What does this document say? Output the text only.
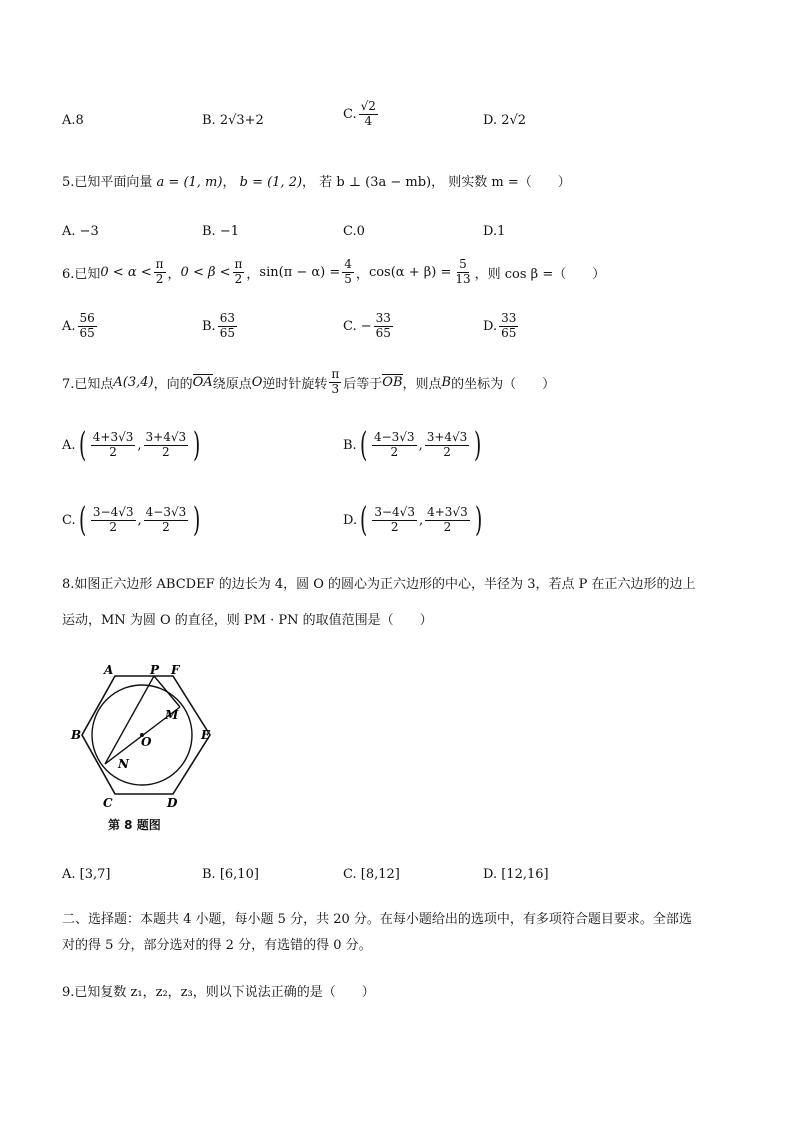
A.8	B. 2√3+2	C. $\frac{√2}{4}$	D. 2√2
5.已知平面向量 a = (1, m)， b = (1, 2)， 若 b ⊥ (3a − mb)， 则实数 m =（　　）
A. −3	B. −1	C.0	D.1
6.已知 $0 < \alpha < \frac{\pi}{2}$ ， $0 < \beta < \frac{\pi}{2}$ ， $\sin(\pi - \alpha) = \frac{4}{5}$ ， $\cos(\alpha + \beta) = \frac{5}{13}$ ， 则 cos β =（　　）
A. $\frac{56}{65}$	B. $\frac{63}{65}$	C. − $\frac{33}{65}$	D. $\frac{33}{65}$
7.已知点 A(3,4) ，向的 OA 绕原点 O 逆时针旋转 $\frac{\pi}{3}$ 后等于 OB ，则点 B 的坐标为（　　）
A. ( $\frac{4+3√3}{2}$ , $\frac{3+4√3}{2}$ )	B. ( $\frac{4-3√3}{2}$ , $\frac{3+4√3}{2}$ )
C. ( $\frac{3-4√3}{2}$ , $\frac{4-3√3}{2}$ )	D. ( $\frac{3-4√3}{2}$ , $\frac{4+3√3}{2}$ )
8.如图正六边形 ABCDEF 的边长为 4，圆 O 的圆心为正六边形的中心，半径为 3，若点 P 在正六边形的边上
运动，MN 为圆 O 的直径，则 PM · PN 的取值范围是（　　）
A	P F
M
O
B	E
N
C	D
第 8 题图
A. [3,7]	B. [6,10]	C. [8,12]	D. [12,16]
二、选择题：本题共 4 小题，每小题 5 分，共 20 分。在每小题给出的选项中，有多项符合题目要求。全部选
对的得 5 分，部分选对的得 2 分，有选错的得 0 分。
9.已知复数 z₁，z₂，z₃，则以下说法正确的是（　　）
